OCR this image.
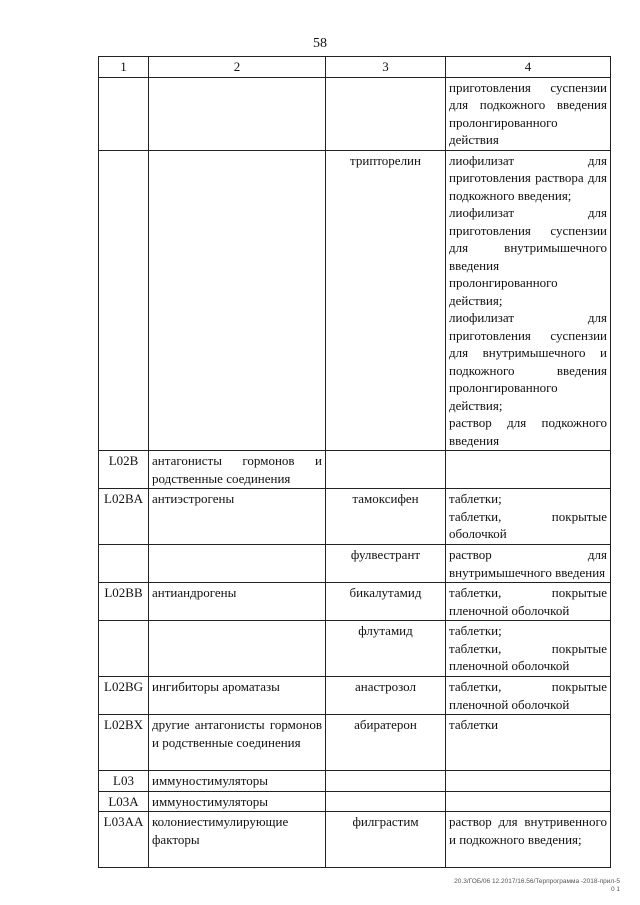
58
1	2	3	4

			приготовления суспензии для подкожного введения пролонгированного действия

		трипторелин	лиофилизат для приготовления раствора для подкожного введения;
лиофилизат для приготовления суспензии для внутримышечного введения пролонгированного действия;
лиофилизат для приготовления суспензии для внутримышечного и подкожного введения пролонгированного действия;
раствор для подкожного введения

L02B	антагонисты гормонов и родственные соединения		
L02BA	антиэстрогены	тамоксифен	таблетки;
таблетки, покрытые оболочкой

		фулвестрант	раствор для внутримышечного введения

L02BB	антиандрогены	бикалутамид	таблетки, покрытые пленочной оболочкой

		флутамид	таблетки;
таблетки, покрытые пленочной оболочкой

L02BG	ингибиторы ароматазы	анастрозол	таблетки, покрытые пленочной оболочкой

L02BX	другие антагонисты гормонов и родственные соединения	абиратерон	таблетки

L03	иммуностимуляторы		
L03A	иммуностимуляторы		
L03AA	колониестимулирующие факторы	филграстим	раствор для внутривенного и подкожного введения;
20.3/ГОБ/06 12.2017/16.56/Терпрограмма -2018-прил-5
0 1
